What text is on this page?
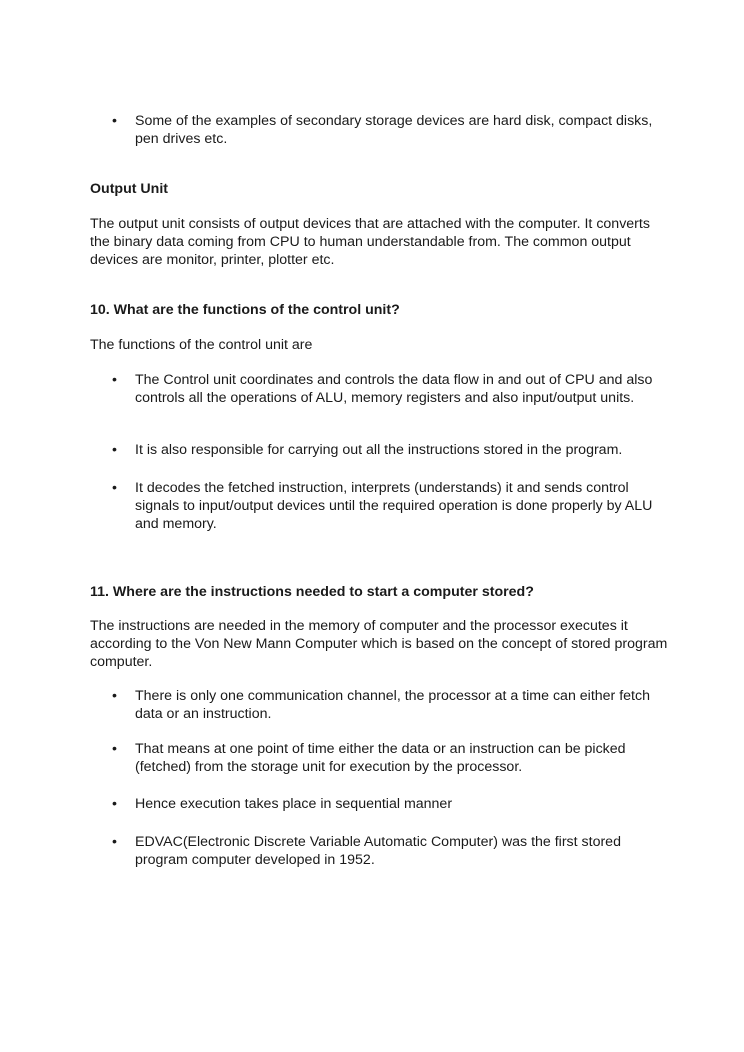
•	Some of the examples of secondary storage devices are hard disk, compact disks, pen drives etc.
Output Unit
The output unit consists of output devices that are attached with the computer. It converts the binary data coming from CPU to human understandable from. The common output devices are monitor, printer, plotter etc.
10. What are the functions of the control unit?
The functions of the control unit are
•	The Control unit coordinates and controls the data flow in and out of CPU and also controls all the operations of ALU, memory registers and also input/output units.
•	It is also responsible for carrying out all the instructions stored in the program.
•	It decodes the fetched instruction, interprets (understands) it and sends control signals to input/output devices until the required operation is done properly by ALU and memory.
11. Where are the instructions needed to start a computer stored?
The instructions are needed in the memory of computer and the processor executes it according to the Von New Mann Computer which is based on the concept of stored program computer.
•	There is only one communication channel, the processor at a time can either fetch data or an instruction.
•	That means at one point of time either the data or an instruction can be picked (fetched) from the storage unit for execution by the processor.
•	Hence execution takes place in sequential manner
•	EDVAC(Electronic Discrete Variable Automatic Computer) was the first stored program computer developed in 1952.
